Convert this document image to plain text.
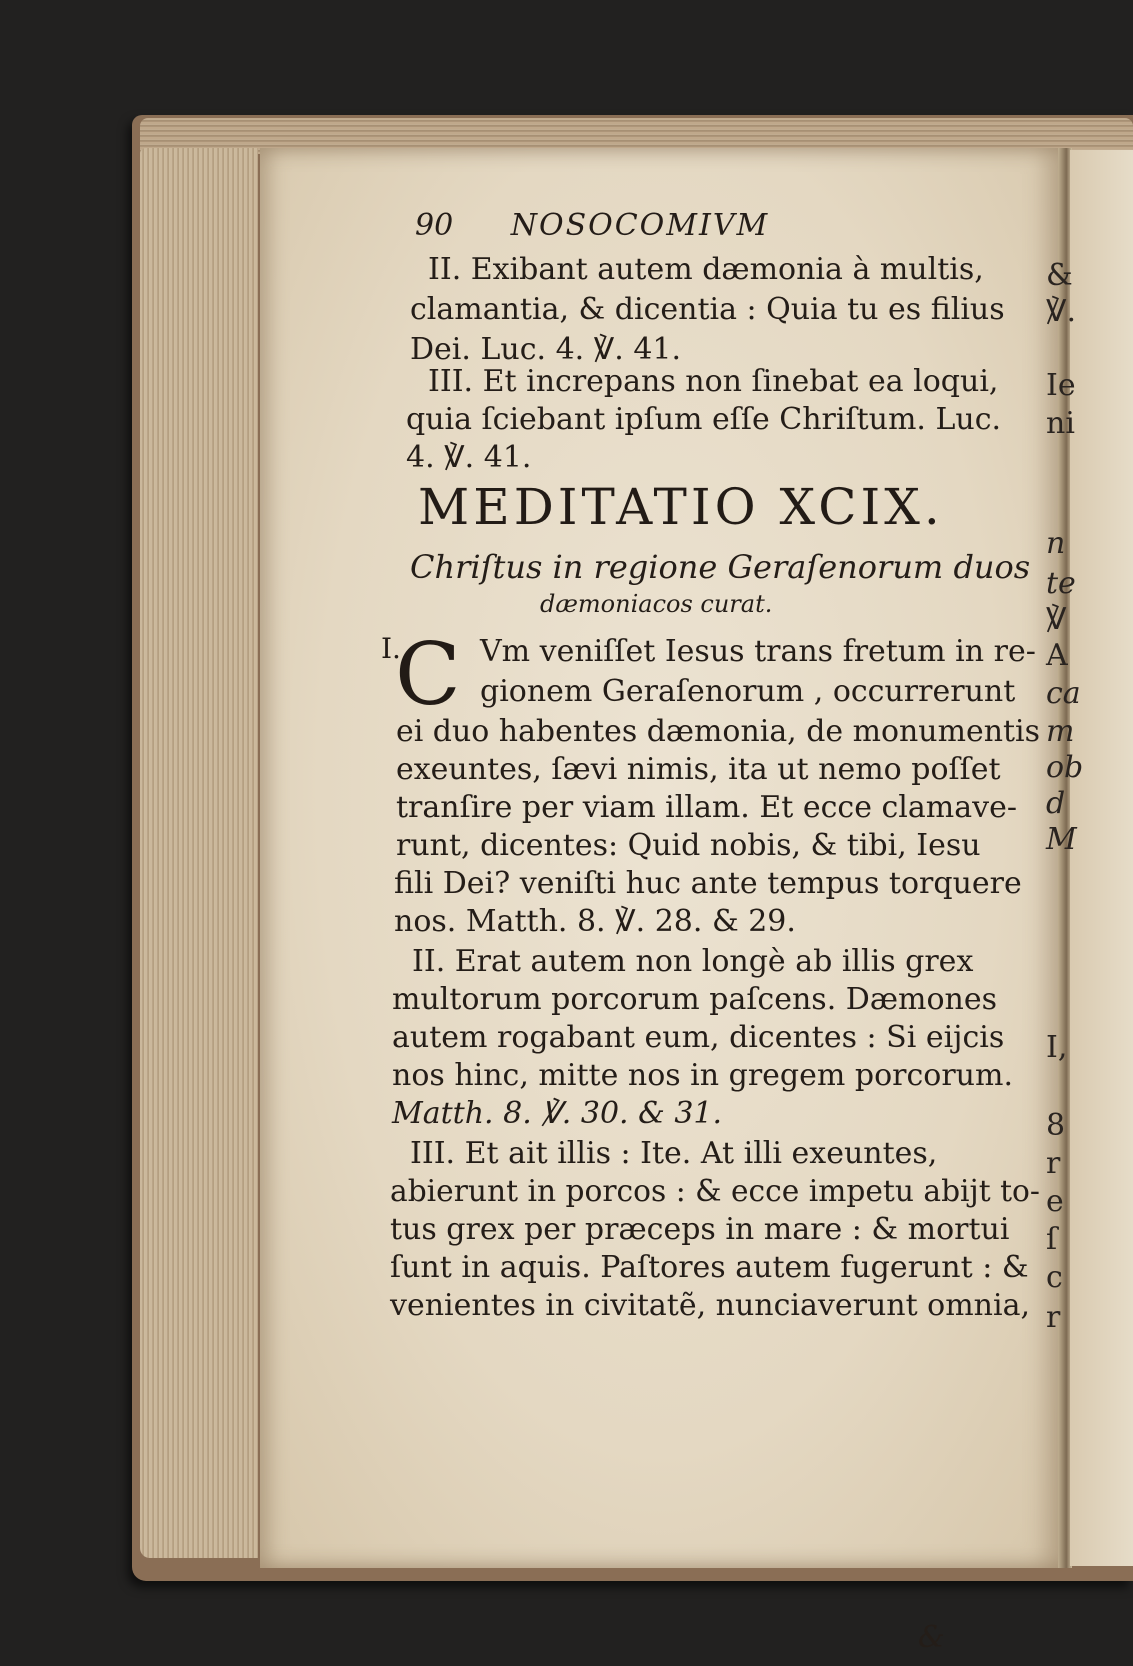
&
℣.
Ie
ni
n
te
℣
A
ca
m
ob
d
M
I,
8
r
e
ſ
c
r
90 NOSOCOMIVM
II. Exibant autem dæmonia à multis,
clamantia, & dicentia : Quia tu es filius
Dei. Luc. 4. ℣. 41.
III. Et increpans non ſinebat ea loqui,
quia ſciebant ipſum eſſe Chriſtum. Luc.
4. ℣. 41.
MEDITATIO XCIX.
Chriſtus in regione Geraſenorum duos
dæmoniacos curat.
I.
C Vm veniſſet Iesus trans fretum in re-
gionem Geraſenorum , occurrerunt
ei duo habentes dæmonia, de monumentis
exeuntes, ſævi nimis, ita ut nemo poſſet
tranſire per viam illam. Et ecce clamave-
runt, dicentes: Quid nobis, & tibi, Iesu
fili Dei? veniſti huc ante tempus torquere
nos. Matth. 8. ℣. 28. & 29.
II. Erat autem non longè ab illis grex
multorum porcorum paſcens. Dæmones
autem rogabant eum, dicentes : Si eijcis
nos hinc, mitte nos in gregem porcorum.
Matth. 8. ℣. 30. & 31.
III. Et ait illis : Ite. At illi exeuntes,
abierunt in porcos : & ecce impetu abijt to-
tus grex per præceps in mare : & mortui
ſunt in aquis. Paſtores autem fugerunt : &
venientes in civitatẽ, nunciaverunt omnia,
&
